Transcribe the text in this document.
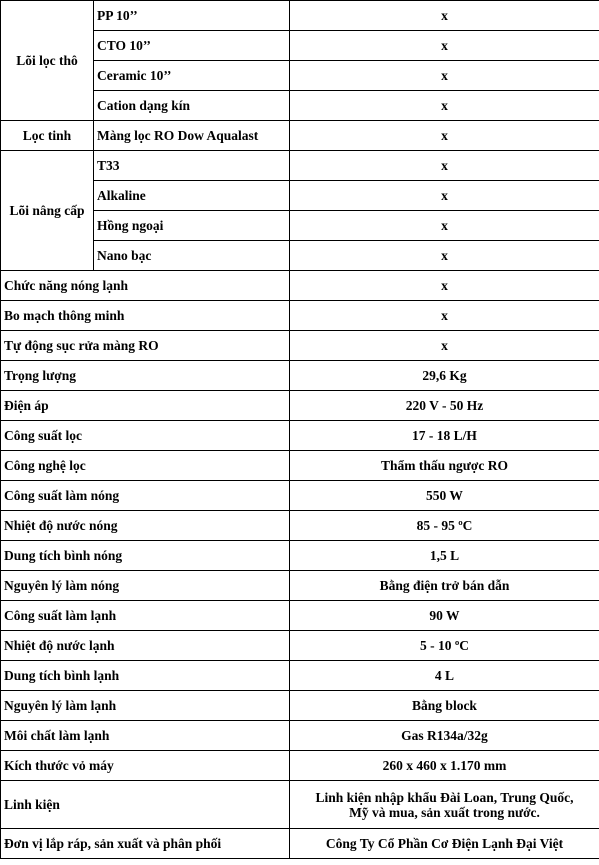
Lõi lọc thô	PP 10’’	x
	CTO 10’’	x
	Ceramic 10’’	x
	Cation dạng kín	x
Lọc tinh	Màng lọc RO Dow Aqualast	x
Lõi nâng cấp	T33	x
	Alkaline	x
	Hồng ngoại	x
	Nano bạc	x
Chức năng nóng lạnh		x
Bo mạch thông minh		x
Tự động sục rửa màng RO		x
Trọng lượng		29,6 Kg
Điện áp		220 V - 50 Hz
Công suất lọc		17 - 18 L/H
Công nghệ lọc		Thẩm thấu ngược RO
Công suất làm nóng		550 W
Nhiệt độ nước nóng		85 - 95 ºC
Dung tích bình nóng		1,5 L
Nguyên lý làm nóng		Bằng điện trở bán dẫn
Công suất làm lạnh		90 W
Nhiệt độ nước lạnh		5 - 10 ºC
Dung tích bình lạnh		4 L
Nguyên lý làm lạnh		Bằng block
Môi chất làm lạnh		Gas R134a/32g
Kích thước vỏ máy		260 x 460 x 1.170 mm
Linh kiện		Linh kiện nhập khẩu Đài Loan, Trung Quốc,
Mỹ và mua, sản xuất trong nước.

Đơn vị lắp ráp, sản xuất và phân phối		Công Ty Cổ Phần Cơ Điện Lạnh Đại Việt
